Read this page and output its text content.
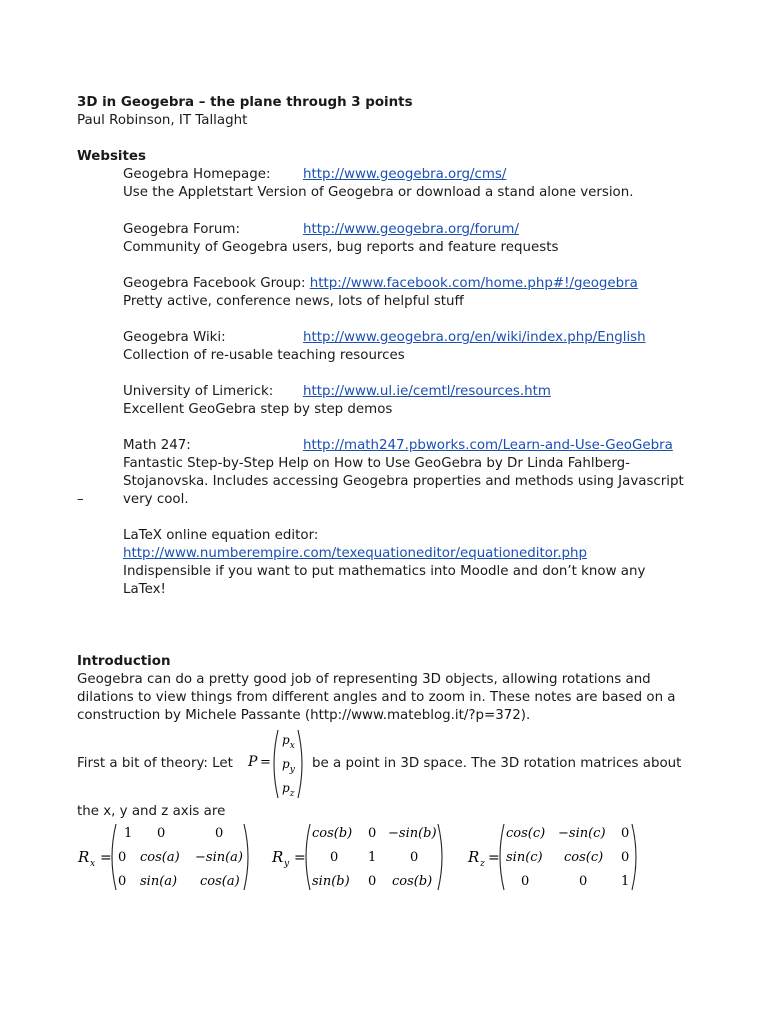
3D in Geogebra – the plane through 3 points
Paul Robinson, IT Tallaght
Websites
Geogebra Homepage: http://www.geogebra.org/cms/
Use the Appletstart Version of Geogebra or download a stand alone version.
Geogebra Forum:	http://www.geogebra.org/forum/
Community of Geogebra users, bug reports and feature requests
Geogebra Facebook Group: http://www.facebook.com/home.php#!/geogebra
Pretty active, conference news, lots of helpful stuff
Geogebra Wiki:	http://www.geogebra.org/en/wiki/index.php/English
Collection of re-usable teaching resources
University of Limerick: http://www.ul.ie/cemtl/resources.htm
Excellent GeoGebra step by step demos
Math 247:	http://math247.pbworks.com/Learn-and-Use-GeoGebra
Fantastic Step-by-Step Help on How to Use GeoGebra by Dr Linda Fahlberg-
Stojanovska. Includes accessing Geogebra properties and methods using Javascript
–	very cool.
LaTeX online equation editor:
http://www.numberempire.com/texequationeditor/equationeditor.php
Indispensible if you want to put mathematics into Moodle and don’t know any
LaTex!
Introduction
Geogebra can do a pretty good job of representing 3D objects, allowing rotations and
dilations to view things from different angles and to zoom in. These notes are based on a
construction by Michele Passante (http://www.mateblog.it/?p=372).
First a bit of theory: Let P =
$p_x$
$p_y$
$p_z$
be a point in 3D space. The 3D rotation matrices about
the x, y and z axis are
R x =
1 0	0
0 cos(a) −sin(a)
0 sin(a) cos(a)
R y =
cos(b) 0 −sin(b)
0 1	0
sin(b) 0 cos(b)
R z =
cos(c) −sin(c) 0
sin(c) cos(c) 0
0	0	1
